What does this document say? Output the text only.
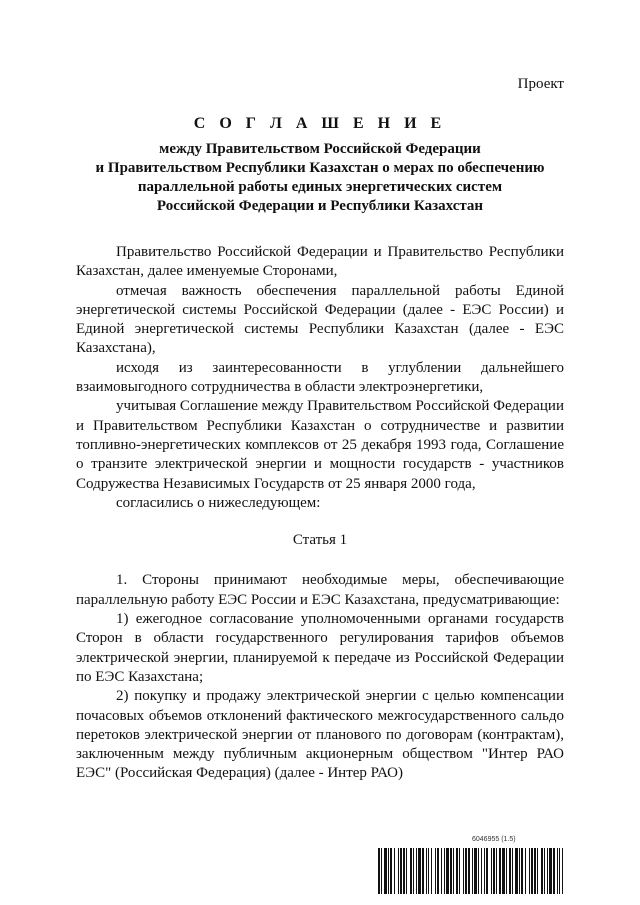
Проект
С О Г Л А Ш Е Н И Е
между Правительством Российской Федерации
и Правительством Республики Казахстан о мерах по обеспечению
параллельной работы единых энергетических систем
Российской Федерации и Республики Казахстан

Правительство Российской Федерации и Правительство Республики Казахстан, далее именуемые Сторонами,

отмечая важность обеспечения параллельной работы Единой энергетической системы Российской Федерации (далее - ЕЭС России) и Единой энергетической системы Республики Казахстан (далее - ЕЭС Казахстана),

исходя из заинтересованности в углублении дальнейшего взаимовыгодного сотрудничества в области электроэнергетики,

учитывая Соглашение между Правительством Российской Федерации и Правительством Республики Казахстан о сотрудничестве и развитии топливно-энергетических комплексов от 25 декабря 1993 года, Соглашение о транзите электрической энергии и мощности государств - участников Содружества Независимых Государств от 25 января 2000 года,

согласились о нижеследующем:

Статья 1

1. Стороны принимают необходимые меры, обеспечивающие параллельную работу ЕЭС России и ЕЭС Казахстана, предусматривающие:

1) ежегодное согласование уполномоченными органами государств Сторон в области государственного регулирования тарифов объемов электрической энергии, планируемой к передаче из Российской Федерации по ЕЭС Казахстана;

2) покупку и продажу электрической энергии с целью компенсации почасовых объемов отклонений фактического межгосударственного сальдо перетоков электрической энергии от планового по договорам (контрактам), заключенным между публичным акционерным обществом "Интер РАО ЕЭС" (Российская Федерация) (далее - Интер РАО)

6046955 (1.5)
